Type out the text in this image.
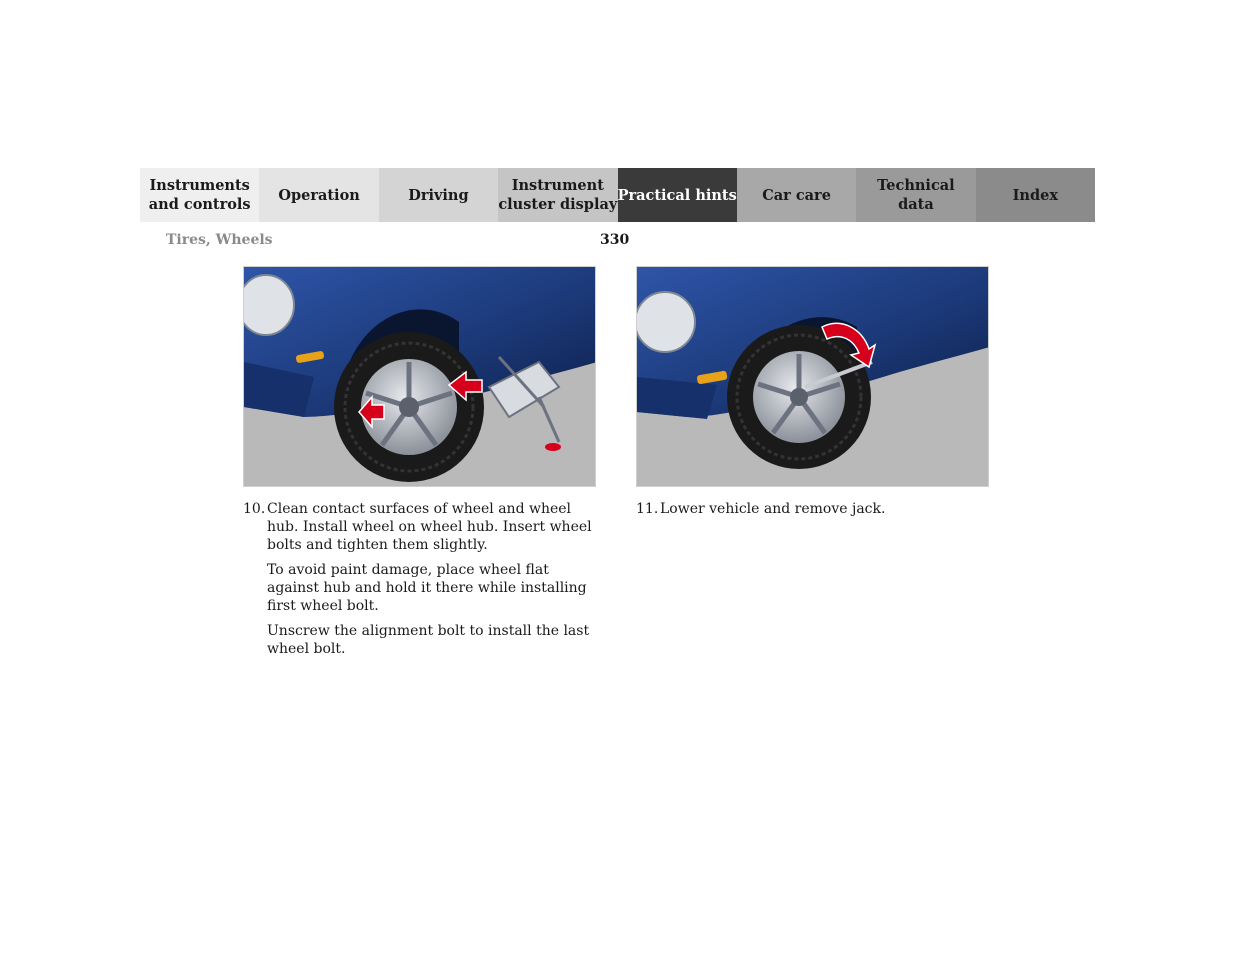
Instruments
and controls
Operation	Driving
Instrument
cluster display
Practical hints	Car care
Technical
data
Index
Tires, Wheels	330
10. Clean contact surfaces of wheel and wheel hub. Install wheel on wheel hub. Insert wheel bolts and tighten them slightly.

To avoid paint damage, place wheel flat against hub and hold it there while installing first wheel bolt.

Unscrew the alignment bolt to install the last wheel bolt.

11. Lower vehicle and remove jack.
